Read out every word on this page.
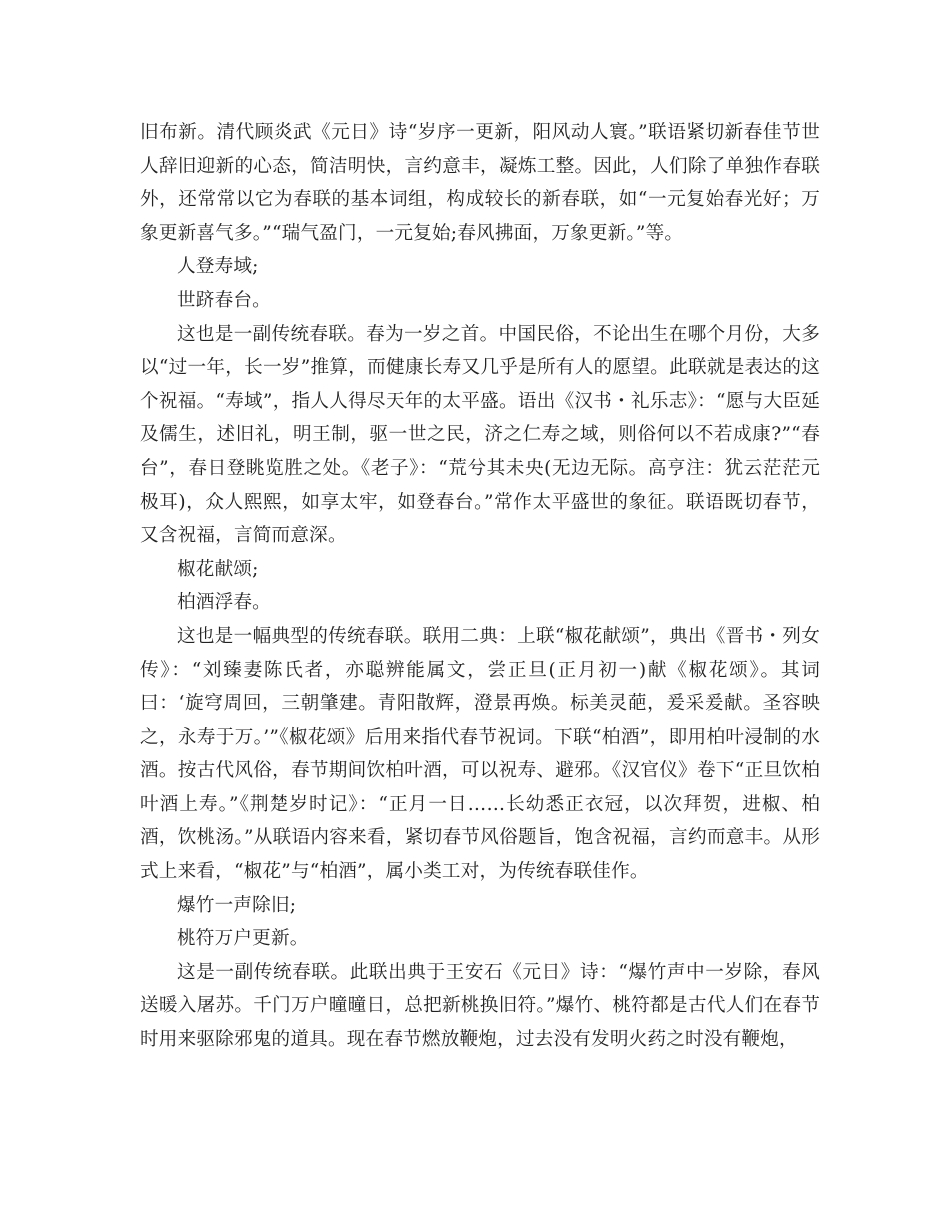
旧布新。清代顾炎武《元日》诗“岁序一更新，阳风动人寰。”联语紧切新春佳节世人辞旧迎新的心态，简洁明快，言约意丰，凝炼工整。因此，人们除了单独作春联外，还常常以它为春联的基本词组，构成较长的新春联，如“一元复始春光好；万象更新喜气多。”“瑞气盈门，一元复始;春风拂面，万象更新。”等。

人登寿域;

世跻春台。

这也是一副传统春联。春为一岁之首。中国民俗，不论出生在哪个月份，大多以“过一年，长一岁”推算，而健康长寿又几乎是所有人的愿望。此联就是表达的这个祝福。“寿域”，指人人得尽天年的太平盛。语出《汉书・礼乐志》：“愿与大臣延及儒生，述旧礼，明王制，驱一世之民，济之仁寿之域，则俗何以不若成康?”“春台”，春日登眺览胜之处。《老子》：“荒兮其未央(无边无际。高亨注：犹云茫茫元极耳)，众人熙熙，如享太牢，如登春台。”常作太平盛世的象征。联语既切春节，又含祝福，言简而意深。

椒花献颂;

柏酒浮春。

这也是一幅典型的传统春联。联用二典：上联“椒花献颂”，典出《晋书・列女传》：“刘臻妻陈氏者，亦聪辨能属文，尝正旦(正月初一)献《椒花颂》。其词曰：‘旋穹周回，三朝肇建。青阳散辉，澄景再焕。标美灵葩，爰采爰献。圣容映之，永寿于万。’”《椒花颂》后用来指代春节祝词。下联“柏酒”，即用柏叶浸制的水酒。按古代风俗，春节期间饮柏叶酒，可以祝寿、避邪。《汉官仪》卷下“正旦饮柏叶酒上寿。”《荆楚岁时记》：“正月一日……长幼悉正衣冠，以次拜贺，进椒、柏酒，饮桃汤。”从联语内容来看，紧切春节风俗题旨，饱含祝福，言约而意丰。从形式上来看，“椒花”与“柏酒”，属小类工对，为传统春联佳作。

爆竹一声除旧;

桃符万户更新。

这是一副传统春联。此联出典于王安石《元日》诗：“爆竹声中一岁除，春风送暖入屠苏。千门万户曈曈日，总把新桃换旧符。”爆竹、桃符都是古代人们在春节时用来驱除邪鬼的道具。现在春节燃放鞭炮，过去没有发明火药之时没有鞭炮，
